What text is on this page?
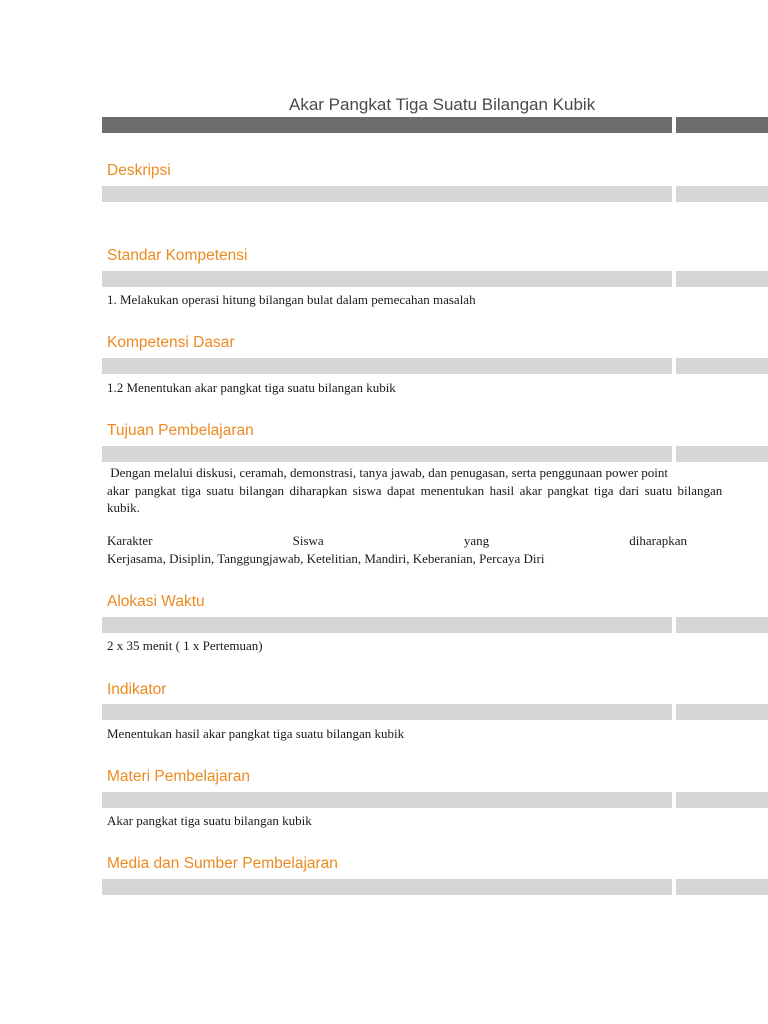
Akar Pangkat Tiga Suatu Bilangan Kubik
Deskripsi
Standar Kompetensi

1. Melakukan operasi hitung bilangan bulat dalam pemecahan masalah

Kompetensi Dasar

1.2 Menentukan akar pangkat tiga suatu bilangan kubik

Tujuan Pembelajaran

Dengan melalui diskusi, ceramah, demonstrasi, tanya jawab, dan penugasan, serta penggunaan power point

akar pangkat tiga suatu bilangan diharapkan siswa dapat menentukan hasil akar pangkat tiga dari suatu bilangan

kubik.

Karakter	Siswa	yang	diharapkan

Kerjasama, Disiplin, Tanggungjawab, Ketelitian, Mandiri, Keberanian, Percaya Diri

Alokasi Waktu

2 x 35 menit ( 1 x Pertemuan)

Indikator

Menentukan hasil akar pangkat tiga suatu bilangan kubik

Materi Pembelajaran

Akar pangkat tiga suatu bilangan kubik

Media dan Sumber Pembelajaran
